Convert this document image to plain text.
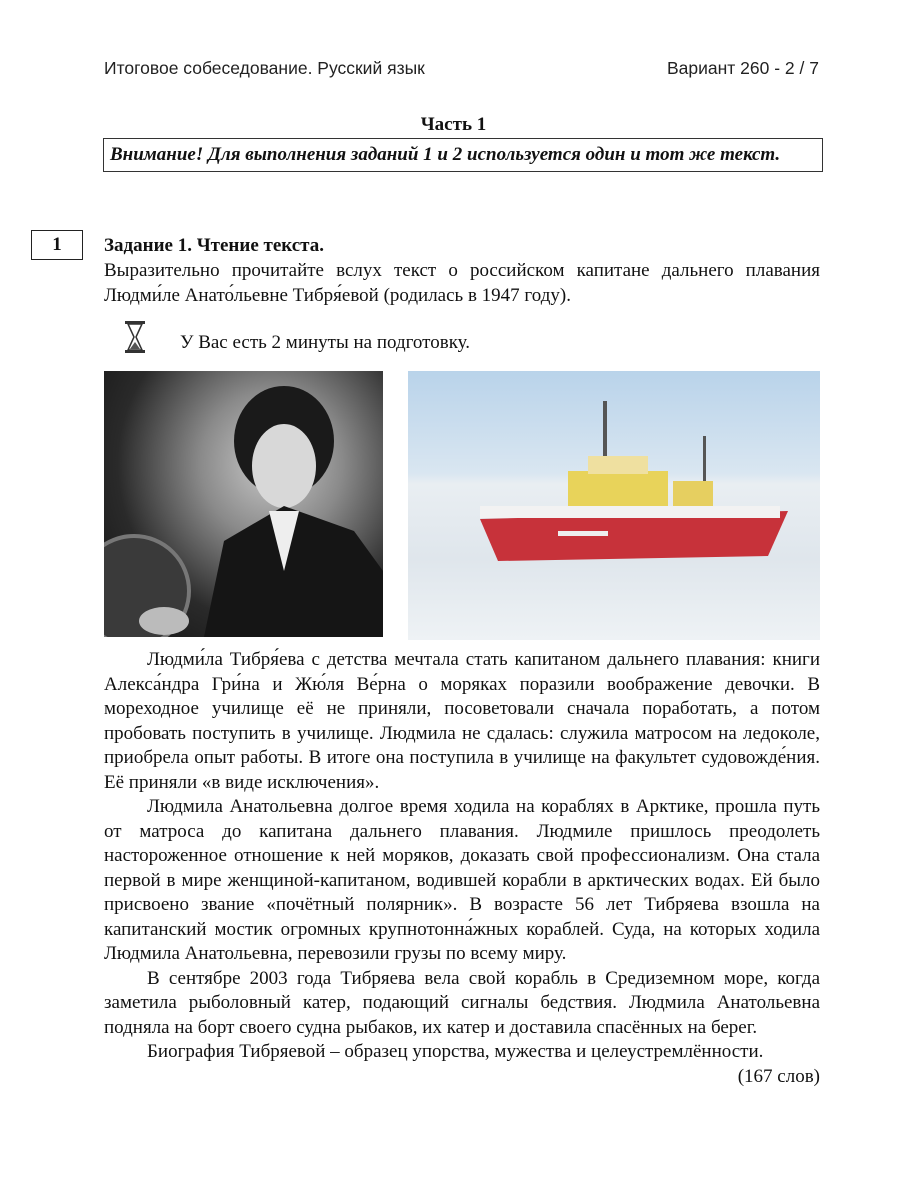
Итоговое собеседование. Русский язык	Вариант 260 - 2 / 7
Часть 1
Внимание! Для выполнения заданий 1 и 2 используется один и тот же текст.
1	Задание 1. Чтение текста.
Выразительно прочитайте вслух текст о российском капитане дальнего плавания Людми́ле Анато́льевне Тибря́евой (родилась в 1947 году).
У Вас есть 2 минуты на подготовку.

Людми́ла Тибря́ева с детства мечтала стать капитаном дальнего плавания: книги Алекса́ндра Гри́на и Жю́ля Ве́рна о моряках поразили воображение девочки. В мореходное училище её не приняли, посоветовали сначала поработать, а потом пробовать поступить в училище. Людмила не сдалась: служила матросом на ледоколе, приобрела опыт работы. В итоге она поступила в училище на факультет судовожде́ния. Её приняли «в виде исключения».

Людмила Анатольевна долгое время ходила на кораблях в Арктике, прошла путь от матроса до капитана дальнего плавания. Людмиле пришлось преодолеть настороженное отношение к ней моряков, доказать свой профессионализм. Она стала первой в мире женщиной-капитаном, водившей корабли в арктических водах. Ей было присвоено звание «почётный полярник». В возрасте 56 лет Тибряева взошла на капитанский мостик огромных крупнотонна́жных кораблей. Суда, на которых ходила Людмила Анатольевна, перевозили грузы по всему миру.

В сентябре 2003 года Тибряева вела свой корабль в Средиземном море, когда заметила рыболовный катер, подающий сигналы бедствия. Людмила Анатольевна подняла на борт своего судна рыбаков, их катер и доставила спасённых на берег.

Биография Тибряевой – образец упорства, мужества и целеустремлённости.

(167 слов)
